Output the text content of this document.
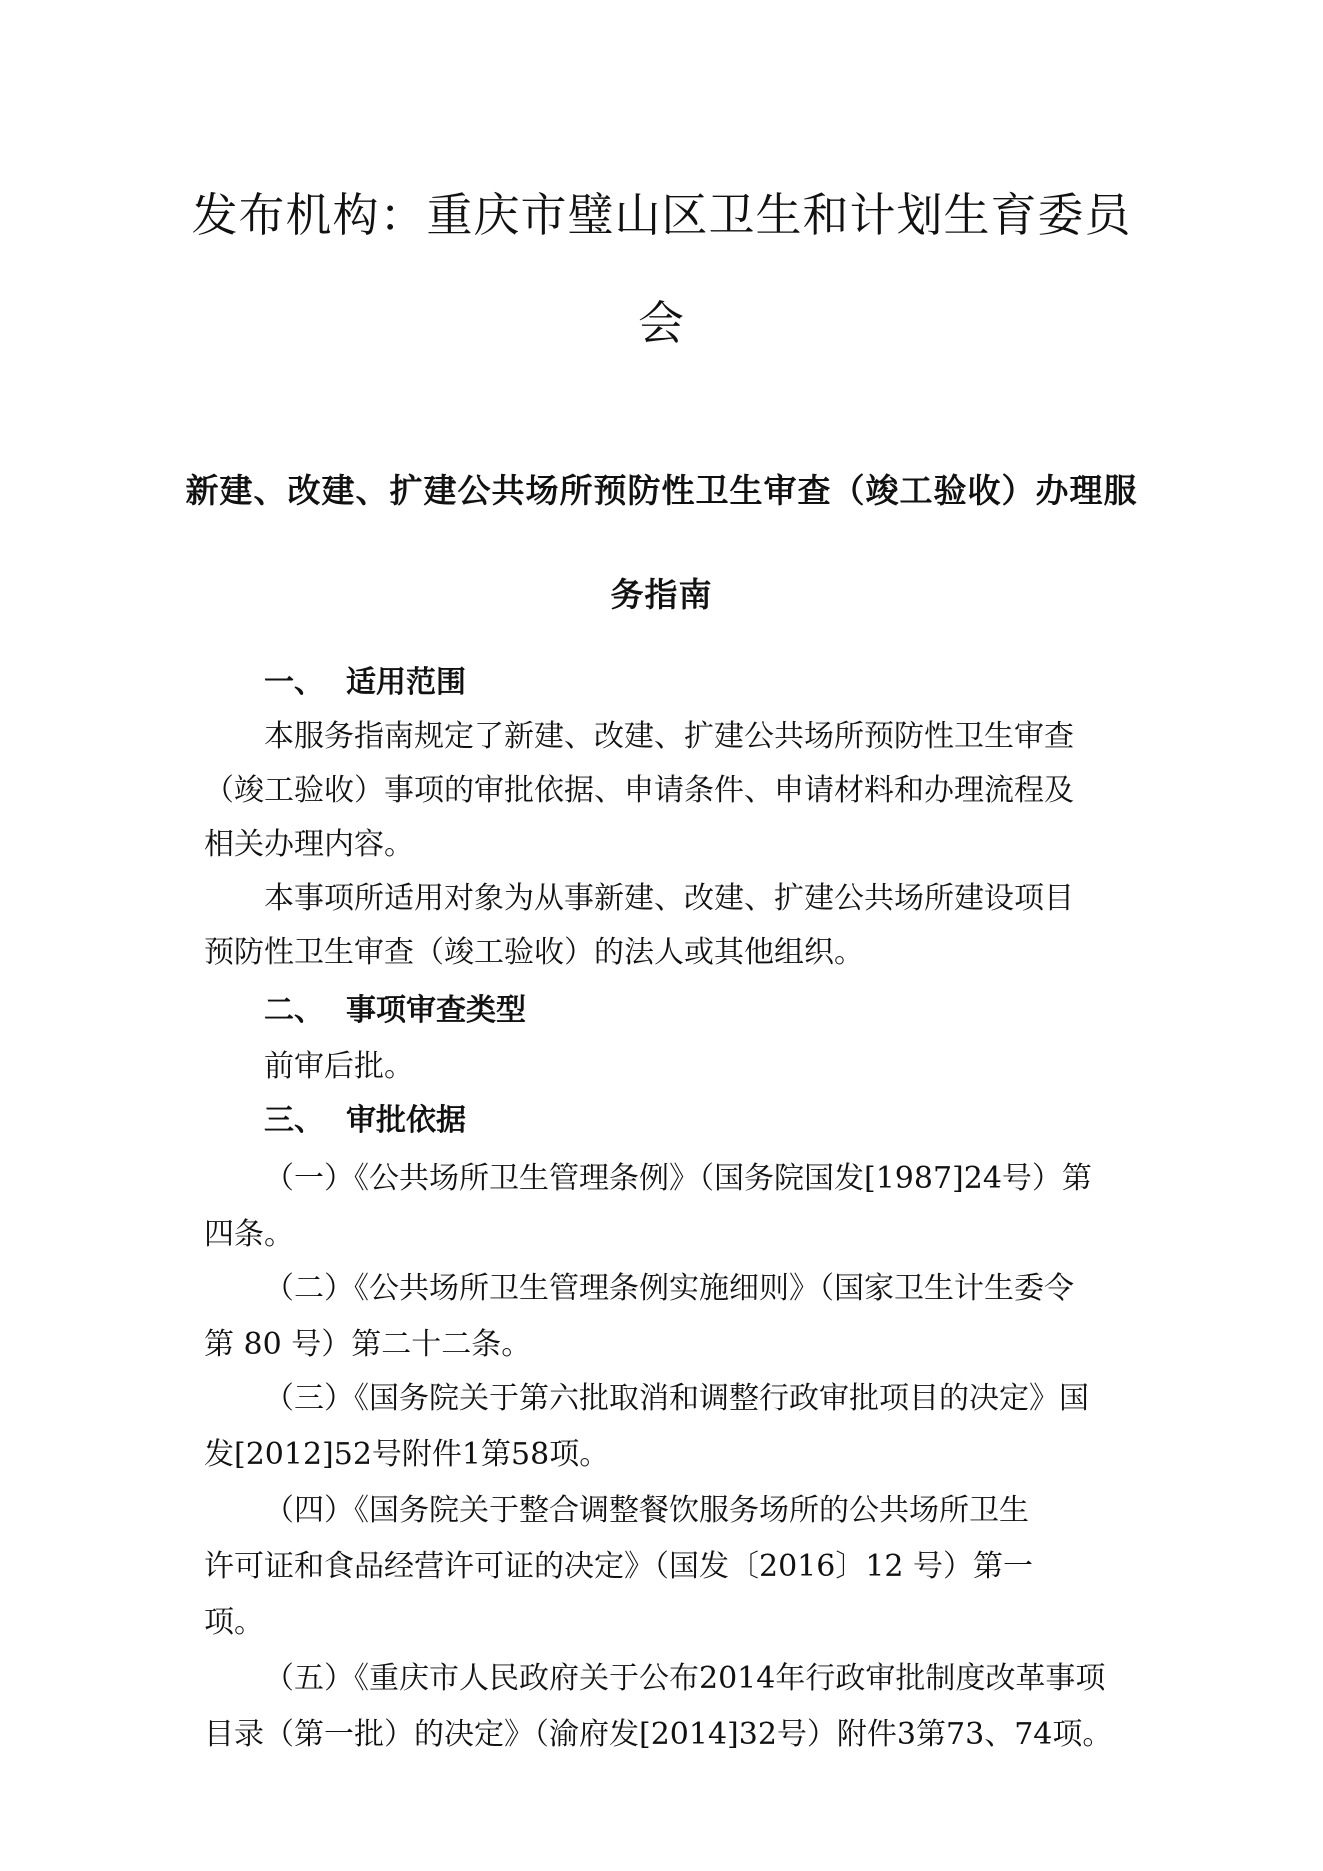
发布机构：重庆市璧山区卫生和计划生育委员
会
新建、改建、扩建公共场所预防性卫生审查（竣工验收）办理服
务指南
一、 适用范围
本服务指南规定了新建、改建、扩建公共场所预防性卫生审查
（竣工验收）事项的审批依据、申请条件、申请材料和办理流程及
相关办理内容。
本事项所适用对象为从事新建、改建、扩建公共场所建设项目
预防性卫生审查（竣工验收）的法人或其他组织。
二、 事项审查类型
前审后批。
三、 审批依据
（一）《公共场所卫生管理条例》（国务院国发[1987]24号）第
四条。
（二）《公共场所卫生管理条例实施细则》（国家卫生计生委令
第 80 号）第二十二条。
（三）《国务院关于第六批取消和调整行政审批项目的决定》国
发[2012]52号附件1第58项。
（四）《国务院关于整合调整餐饮服务场所的公共场所卫生
许可证和食品经营许可证的决定》（国发〔2016〕12 号）第一
项。
（五）《重庆市人民政府关于公布2014年行政审批制度改革事项
目录（第一批）的决定》（渝府发[2014]32号）附件3第73、74项。
